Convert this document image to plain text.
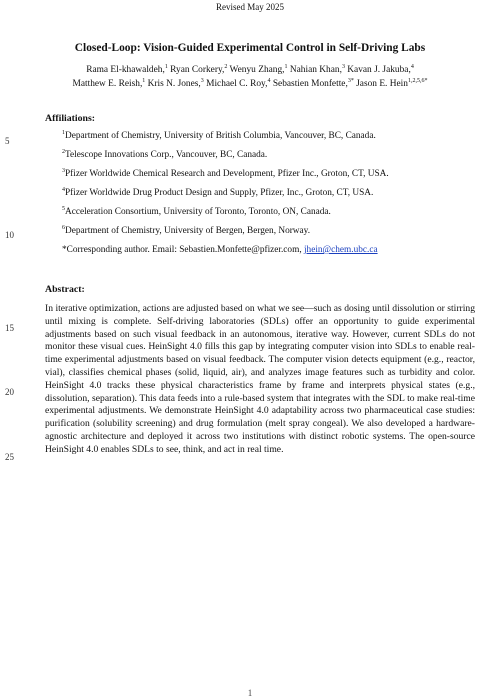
Revised May 2025
Closed-Loop: Vision-Guided Experimental Control in Self-Driving Labs
Rama El-khawaldeh,$^1$ Ryan Corkery,$^2$ Wenyu Zhang,$^1$ Nahian Khan,$^3$ Kavan J. Jakuba,$^4$
Matthew E. Reish,$^1$ Kris N. Jones,$^3$ Michael C. Roy,$^4$ Sebastien Monfette,$^{3*}$ Jason E. Hein$^{1,2,5,6*}$
Affiliations:
$^1$Department of Chemistry, University of British Columbia, Vancouver, BC, Canada.
$^2$Telescope Innovations Corp., Vancouver, BC, Canada.
$^3$Pfizer Worldwide Chemical Research and Development, Pfizer Inc., Groton, CT, USA.
$^4$Pfizer Worldwide Drug Product Design and Supply, Pfizer, Inc., Groton, CT, USA.
$^5$Acceleration Consortium, University of Toronto, Toronto, ON, Canada.
$^6$Department of Chemistry, University of Bergen, Bergen, Norway.
*Corresponding author. Email: Sebastien.Monfette@pfizer.com, jhein@chem.ubc.ca
Abstract:
In iterative optimization, actions are adjusted based on what we see—such as dosing until dissolution or stirring until mixing is complete. Self-driving laboratories (SDLs) offer an opportunity to guide experimental adjustments based on such visual feedback in an autonomous, iterative way. However, current SDLs do not monitor these visual cues. HeinSight 4.0 fills this gap by integrating computer vision into SDLs to enable real-time experimental adjustments based on visual feedback. The computer vision detects equipment (e.g., reactor, vial), classifies chemical phases (solid, liquid, air), and analyzes image features such as turbidity and color. HeinSight 4.0 tracks these physical characteristics frame by frame and interprets physical states (e.g., dissolution, separation). This data feeds into a rule-based system that integrates with the SDL to make real-time experimental adjustments. We demonstrate HeinSight 4.0 adaptability across two pharmaceutical case studies: purification (solubility screening) and drug formulation (melt spray congeal). We also developed a hardware-agnostic architecture and deployed it across two institutions with distinct robotic systems. The open-source HeinSight 4.0 enables SDLs to see, think, and act in real time.
5
10
15
20
25
1
